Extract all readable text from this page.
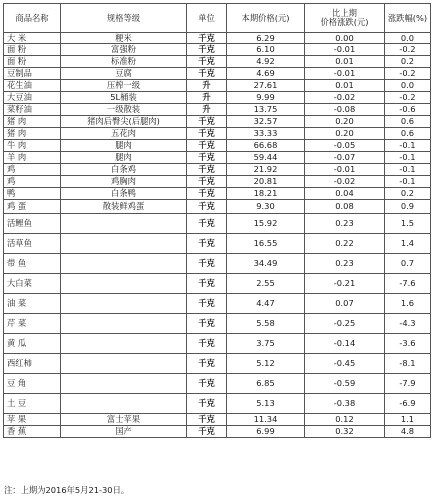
商品名称	规格等级	单位	本期价格(元)	比上期
价格涨跌(元)	涨跌幅(%)
大 米	粳米	千克	6.29	0.00	0.0
面 粉	富强粉	千克	6.10	-0.01	-0.2
面 粉	标准粉	千克	4.92	0.01	0.2
豆制品	豆腐	千克	4.69	-0.01	-0.2
花生油	压榨一级	升	27.61	0.01	0.0
大豆油	5L桶装	升	9.99	-0.02	-0.2
菜籽油	一级散装	升	13.75	-0.08	-0.6
猪 肉	猪肉后臀尖(后腿肉)	千克	32.57	0.20	0.6
猪 肉	五花肉	千克	33.33	0.20	0.6
牛 肉	腿肉	千克	66.68	-0.05	-0.1
羊 肉	腿肉	千克	59.44	-0.07	-0.1
鸡	白条鸡	千克	21.92	-0.01	-0.1
鸡	鸡胸肉	千克	20.81	-0.02	-0.1
鸭	白条鸭	千克	18.21	0.04	0.2
鸡 蛋	散装鲜鸡蛋	千克	9.30	0.08	0.9
活鲤鱼		千克	15.92	0.23	1.5
活草鱼		千克	16.55	0.22	1.4
带 鱼		千克	34.49	0.23	0.7
大白菜		千克	2.55	-0.21	-7.6
油 菜		千克	4.47	0.07	1.6
芹 菜		千克	5.58	-0.25	-4.3
黄 瓜		千克	3.75	-0.14	-3.6
西红柿		千克	5.12	-0.45	-8.1
豆 角		千克	6.85	-0.59	-7.9
土 豆		千克	5.13	-0.38	-6.9
苹 果	富士苹果	千克	11.34	0.12	1.1
香 蕉	国产	千克	6.99	0.32	4.8
注：上期为2016年5月21-30日。
